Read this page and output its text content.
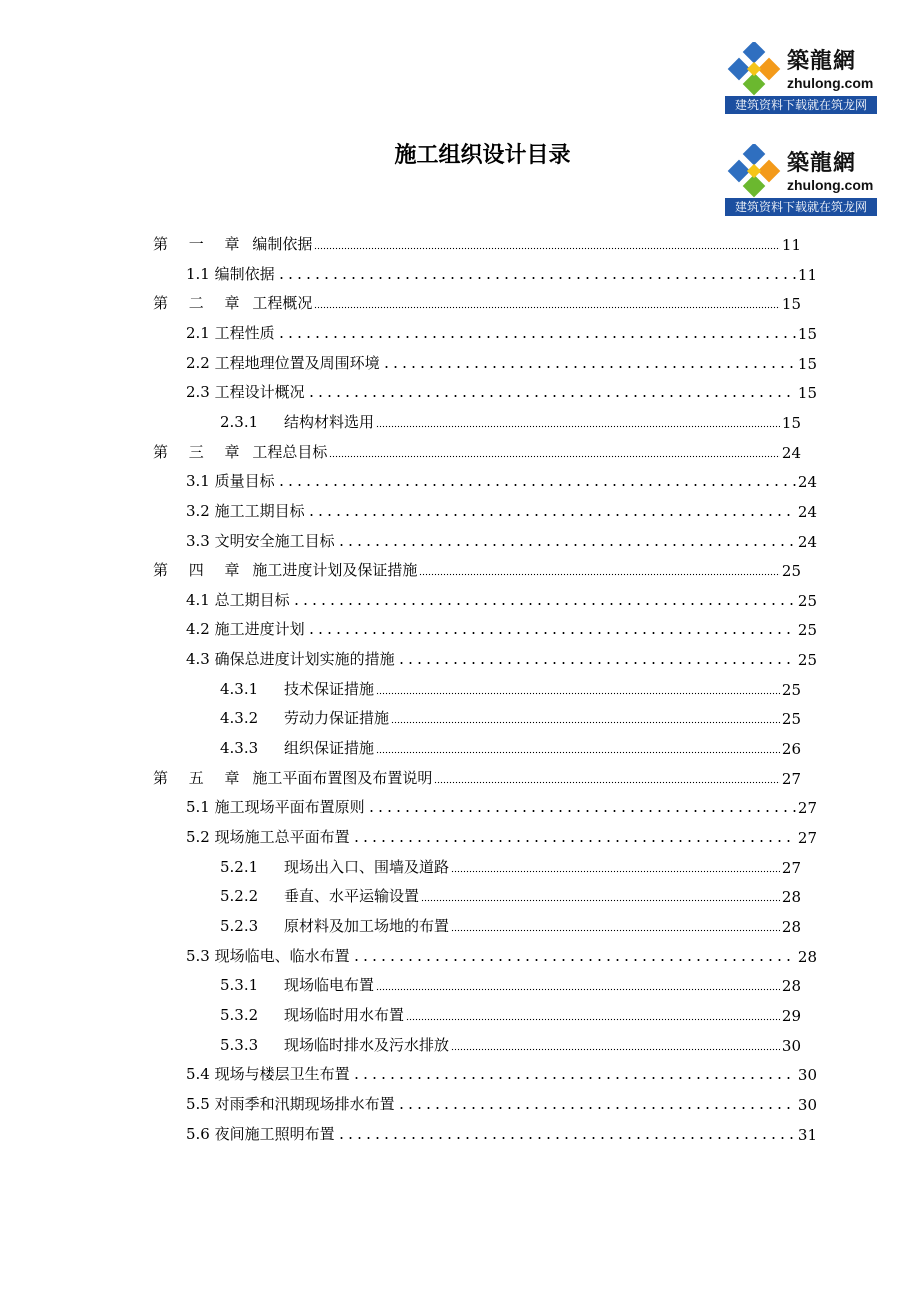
築龍網
zhulong.com
建筑资料下载就在筑龙网
築龍網
zhulong.com
建筑资料下载就在筑龙网
施工组织设计目录
第 一 章 编制依据	11
1.1 编制依据	11
第 二 章 工程概况	15
2.1 工程性质	15
2.2 工程地理位置及周围环境	15
2.3 工程设计概况	15
2.3.1 结构材料选用	15
第 三 章 工程总目标	24
3.1 质量目标	24
3.2 施工工期目标	24
3.3 文明安全施工目标	24
第 四 章 施工进度计划及保证措施	25
4.1 总工期目标	25
4.2 施工进度计划	25
4.3 确保总进度计划实施的措施	25
4.3.1 技术保证措施	25
4.3.2 劳动力保证措施	25
4.3.3 组织保证措施	26
第 五 章 施工平面布置图及布置说明	27
5.1 施工现场平面布置原则	27
5.2 现场施工总平面布置	27
5.2.1 现场出入口、围墙及道路	27
5.2.2 垂直、水平运输设置	28
5.2.3 原材料及加工场地的布置	28
5.3 现场临电、临水布置	28
5.3.1 现场临电布置	28
5.3.2 现场临时用水布置	29
5.3.3 现场临时排水及污水排放	30
5.4 现场与楼层卫生布置	30
5.5 对雨季和汛期现场排水布置	30
5.6 夜间施工照明布置	31
